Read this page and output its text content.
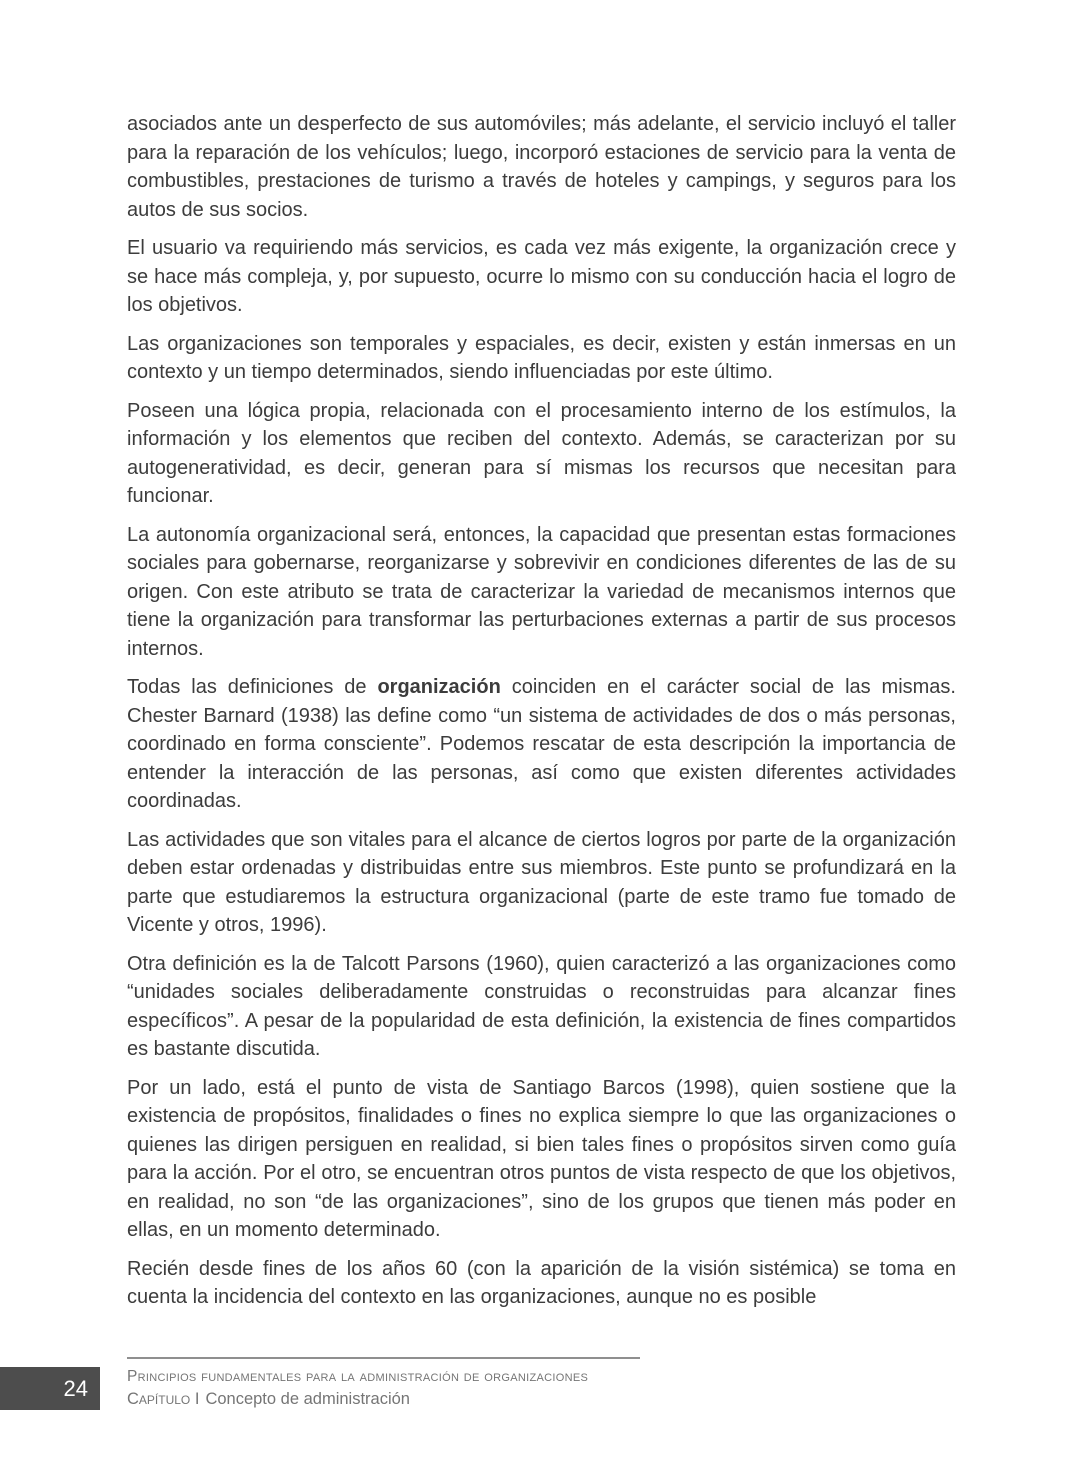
asociados ante un desperfecto de sus automóviles; más adelante, el servicio incluyó el taller para la reparación de los vehículos; luego, incorporó estaciones de servicio para la venta de combustibles, prestaciones de turismo a través de hoteles y campings, y seguros para los autos de sus socios.

El usuario va requiriendo más servicios, es cada vez más exigente, la organización crece y se hace más compleja, y, por supuesto, ocurre lo mismo con su conducción hacia el logro de los objetivos.

Las organizaciones son temporales y espaciales, es decir, existen y están inmersas en un contexto y un tiempo determinados, siendo influenciadas por este último.

Poseen una lógica propia, relacionada con el procesamiento interno de los estímulos, la información y los elementos que reciben del contexto. Además, se caracterizan por su autogeneratividad, es decir, generan para sí mismas los recursos que necesitan para funcionar.

La autonomía organizacional será, entonces, la capacidad que presentan estas formaciones sociales para gobernarse, reorganizarse y sobrevivir en condiciones diferentes de las de su origen. Con este atributo se trata de caracterizar la variedad de mecanismos internos que tiene la organización para transformar las perturbaciones externas a partir de sus procesos internos.

Todas las definiciones de organización coinciden en el carácter social de las mismas. Chester Barnard (1938) las define como “un sistema de actividades de dos o más personas, coordinado en forma consciente”. Podemos rescatar de esta descripción la importancia de entender la interacción de las personas, así como que existen diferentes actividades coordinadas.

Las actividades que son vitales para el alcance de ciertos logros por parte de la organización deben estar ordenadas y distribuidas entre sus miembros. Este punto se profundizará en la parte que estudiaremos la estructura organizacional (parte de este tramo fue tomado de Vicente y otros, 1996).

Otra definición es la de Talcott Parsons (1960), quien caracterizó a las organizaciones como “unidades sociales deliberadamente construidas o reconstruidas para alcanzar fines específicos”. A pesar de la popularidad de esta definición, la existencia de fines compartidos es bastante discutida.

Por un lado, está el punto de vista de Santiago Barcos (1998), quien sostiene que la existencia de propósitos, finalidades o fines no explica siempre lo que las organizaciones o quienes las dirigen persiguen en realidad, si bien tales fines o propósitos sirven como guía para la acción. Por el otro, se encuentran otros puntos de vista respecto de que los objetivos, en realidad, no son “de las organizaciones”, sino de los grupos que tienen más poder en ellas, en un momento determinado.

Recién desde fines de los años 60 (con la aparición de la visión sistémica) se toma en cuenta la incidencia del contexto en las organizaciones, aunque no es posible

24	Principios fundamentales para la administración de organizaciones
Capítulo I Concepto de administración
